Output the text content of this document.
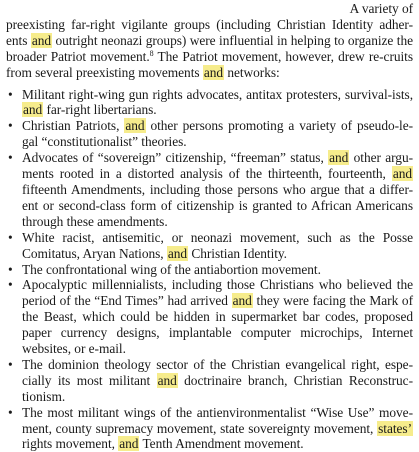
A variety of
preexisting far-right vigilante groups (including Christian Identity adher-ents and outright neonazi groups) were influential in helping to organize the broader Patriot movement.$^8$ The Patriot movement, however, drew re-cruits from several preexisting movements and networks:

• Militant right-wing gun rights advocates, antitax protesters, survival-ists, and far-right libertarians.
• Christian Patriots, and other persons promoting a variety of pseudo-le-gal “constitutionalist” theories.
• Advocates of “sovereign” citizenship, “freeman” status, and other argu-ments rooted in a distorted analysis of the thirteenth, fourteenth, and fifteenth Amendments, including those persons who argue that a differ-ent or second-class form of citizenship is granted to African Americans through these amendments.
• White racist, antisemitic, or neonazi movement, such as the Posse Comitatus, Aryan Nations, and Christian Identity.
• The confrontational wing of the antiabortion movement.
• Apocalyptic millennialists, including those Christians who believed the period of the “End Times” had arrived and they were facing the Mark of the Beast, which could be hidden in supermarket bar codes, proposed paper currency designs, implantable computer microchips, Internet websites, or e-mail.
• The dominion theology sector of the Christian evangelical right, espe-cially its most militant and doctrinaire branch, Christian Reconstruc-tionism.
• The most militant wings of the antienvironmentalist “Wise Use” move-ment, county supremacy movement, state sovereignty movement, states’ rights movement, and Tenth Amendment movement.
